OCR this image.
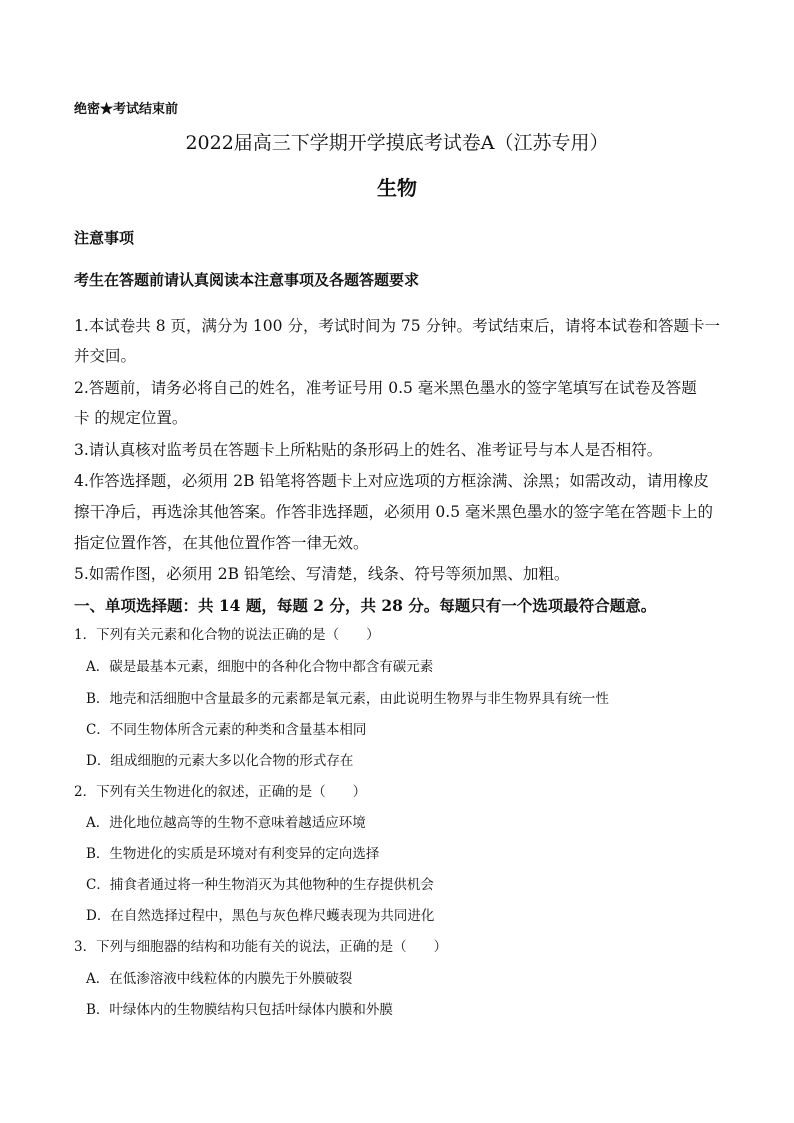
绝密★考试结束前
2022届高三下学期开学摸底考试卷A（江苏专用）
生物
注意事项
考生在答题前请认真阅读本注意事项及各题答题要求
1.本试卷共 8 页，满分为 100 分，考试时间为 75 分钟。考试结束后，请将本试卷和答题卡一
并交回。
2.答题前，请务必将自己的姓名，准考证号用 0.5 毫米黑色墨水的签字笔填写在试卷及答题
卡 的规定位置。
3.请认真核对监考员在答题卡上所粘贴的条形码上的姓名、准考证号与本人是否相符。
4.作答选择题，必须用 2B 铅笔将答题卡上对应选项的方框涂满、涂黑；如需改动，请用橡皮
擦干净后，再选涂其他答案。作答非选择题，必须用 0.5 毫米黑色墨水的签字笔在答题卡上的
指定位置作答，在其他位置作答一律无效。
5.如需作图，必须用 2B 铅笔绘、写清楚，线条、符号等须加黑、加粗。
一、单项选择题：共 14 题，每题 2 分，共 28 分。每题只有一个选项最符合题意。
1．下列有关元素和化合物的说法正确的是（　　）
A．碳是最基本元素，细胞中的各种化合物中都含有碳元素
B．地壳和活细胞中含量最多的元素都是氧元素，由此说明生物界与非生物界具有统一性
C．不同生物体所含元素的种类和含量基本相同
D．组成细胞的元素大多以化合物的形式存在
2．下列有关生物进化的叙述，正确的是（　　）
A．进化地位越高等的生物不意味着越适应环境
B．生物进化的实质是环境对有利变异的定向选择
C．捕食者通过将一种生物消灭为其他物种的生存提供机会
D．在自然选择过程中，黑色与灰色桦尺蠖表现为共同进化
3．下列与细胞器的结构和功能有关的说法，正确的是（　　）
A．在低渗溶液中线粒体的内膜先于外膜破裂
B．叶绿体内的生物膜结构只包括叶绿体内膜和外膜
